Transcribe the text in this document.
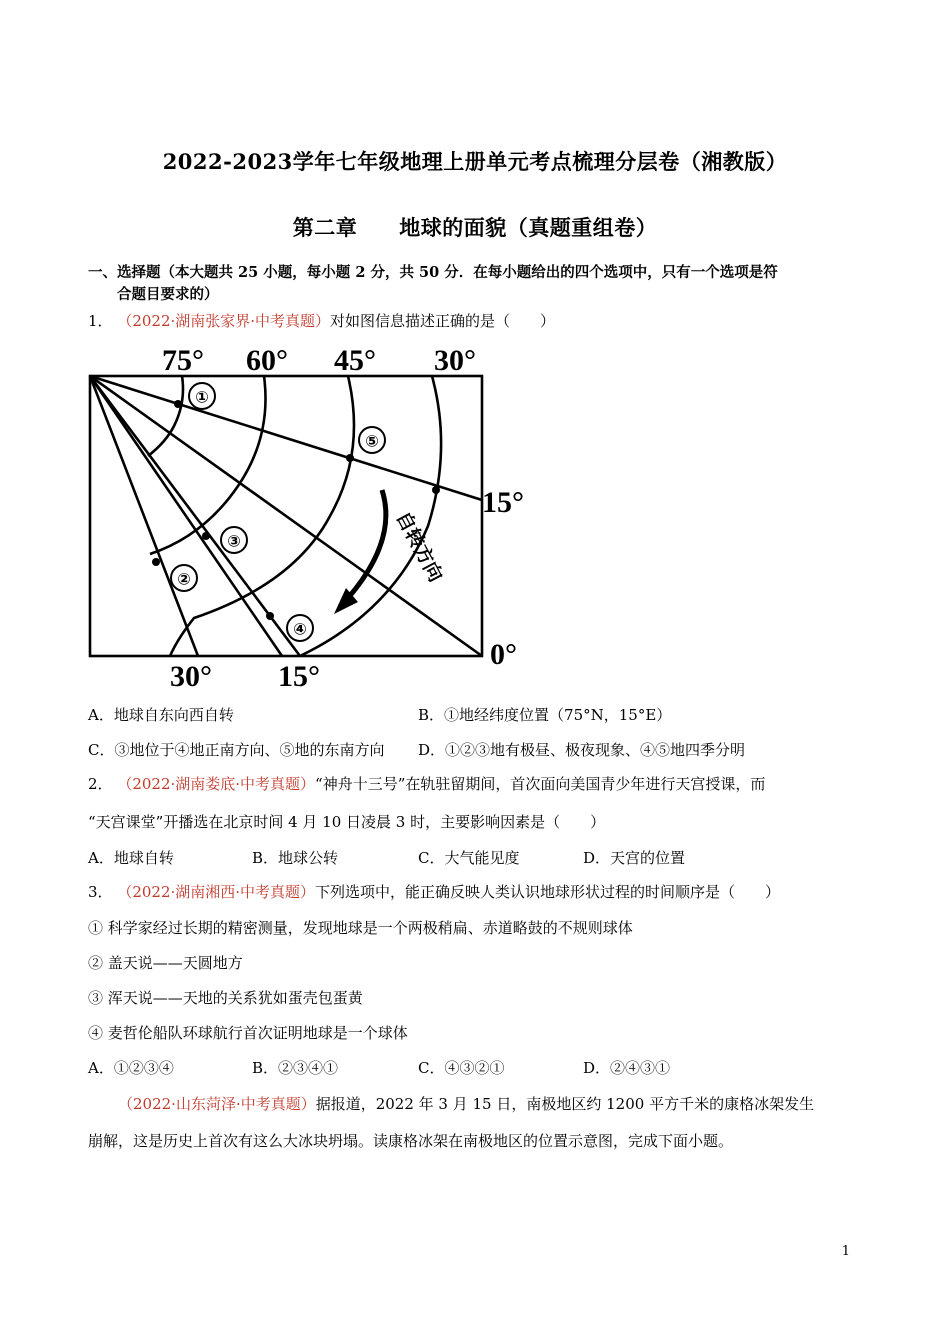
2022-2023学年七年级地理上册单元考点梳理分层卷（湘教版）
第二章 地球的面貌（真题重组卷）
一、选择题（本大题共 25 小题，每小题 2 分，共 50 分．在每小题给出的四个选项中，只有一个选项是符
合题目要求的）
1． （2022·湖南张家界·中考真题）对如图信息描述正确的是（　　）
①
⑤
③
②
④
自转方向
75° 60° 45° 30°
15°
0°
30° 15°
A．地球自东向西自转	B．①地经纬度位置（75°N，15°E）
C．③地位于④地正南方向、⑤地的东南方向 D．①②③地有极昼、极夜现象、④⑤地四季分明
2． （2022·湖南娄底·中考真题）“神舟十三号”在轨驻留期间，首次面向美国青少年进行天宫授课，而
“天宫课堂”开播选在北京时间 4 月 10 日凌晨 3 时，主要影响因素是（　　）
A．地球自转	B．地球公转	C．大气能见度	D．天宫的位置
3． （2022·湖南湘西·中考真题）下列选项中，能正确反映人类认识地球形状过程的时间顺序是（　　）
① 科学家经过长期的精密测量，发现地球是一个两极稍扁、赤道略鼓的不规则球体
② 盖天说——天圆地方
③ 浑天说——天地的关系犹如蛋壳包蛋黄
④ 麦哲伦船队环球航行首次证明地球是一个球体
A．①②③④	B．②③④①	C．④③②①	D．②④③①
（2022·山东菏泽·中考真题）据报道，2022 年 3 月 15 日，南极地区约 1200 平方千米的康格冰架发生
崩解，这是历史上首次有这么大冰块坍塌。读康格冰架在南极地区的位置示意图，完成下面小题。
1
